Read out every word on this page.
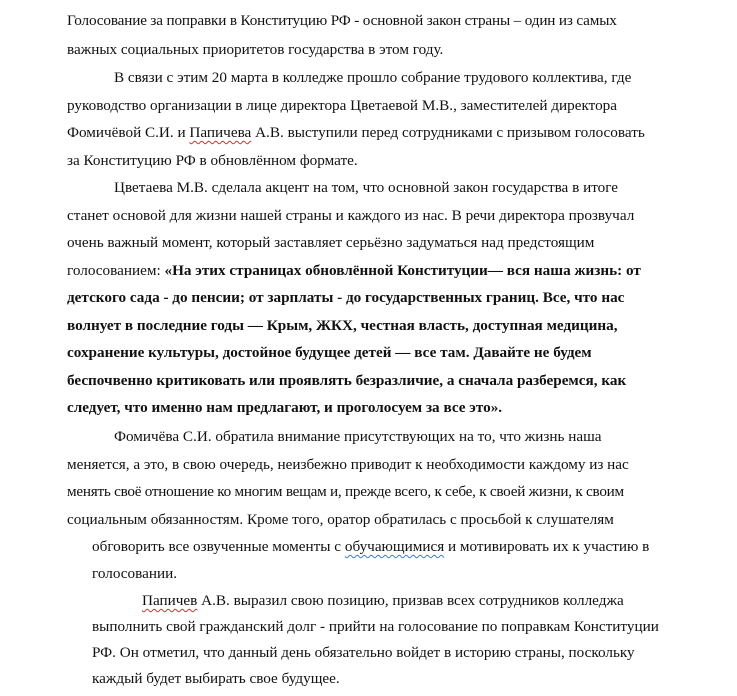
Голосование за поправки в Конституцию РФ - основной закон страны – один из самых
важных социальных приоритетов государства в этом году.
В связи с этим 20 марта в колледже прошло собрание трудового коллектива, где
руководство организации в лице директора Цветаевой М.В., заместителей директора
Фомичёвой С.И. и Папичева А.В. выступили перед сотрудниками с призывом голосовать
за Конституцию РФ в обновлённом формате.
Цветаева М.В. сделала акцент на том, что основной закон государства в итоге
станет основой для жизни нашей страны и каждого из нас. В речи директора прозвучал
очень важный момент, который заставляет серьёзно задуматься над предстоящим
голосованием: «На этих страницах обновлённой Конституции— вся наша жизнь: от
детского сада - до пенсии; от зарплаты - до государственных границ. Все, что нас
волнует в последние годы — Крым, ЖКХ, честная власть, доступная медицина,
сохранение культуры, достойное будущее детей — все там. Давайте не будем
беспочвенно критиковать или проявлять безразличие, а сначала разберемся, как
следует, что именно нам предлагают, и проголосуем за все это».
Фомичёва С.И. обратила внимание присутствующих на то, что жизнь наша
меняется, а это, в свою очередь, неизбежно приводит к необходимости каждому из нас
менять своё отношение ко многим вещам и, прежде всего, к себе, к своей жизни, к своим
социальным обязанностям. Кроме того, оратор обратилась с просьбой к слушателям
обговорить все озвученные моменты с обучающимися и мотивировать их к участию в
голосовании.
Папичев А.В. выразил свою позицию, призвав всех сотрудников колледжа
выполнить свой гражданский долг - прийти на голосование по поправкам Конституции
РФ. Он отметил, что данный день обязательно войдет в историю страны, поскольку
каждый будет выбирать свое будущее.
